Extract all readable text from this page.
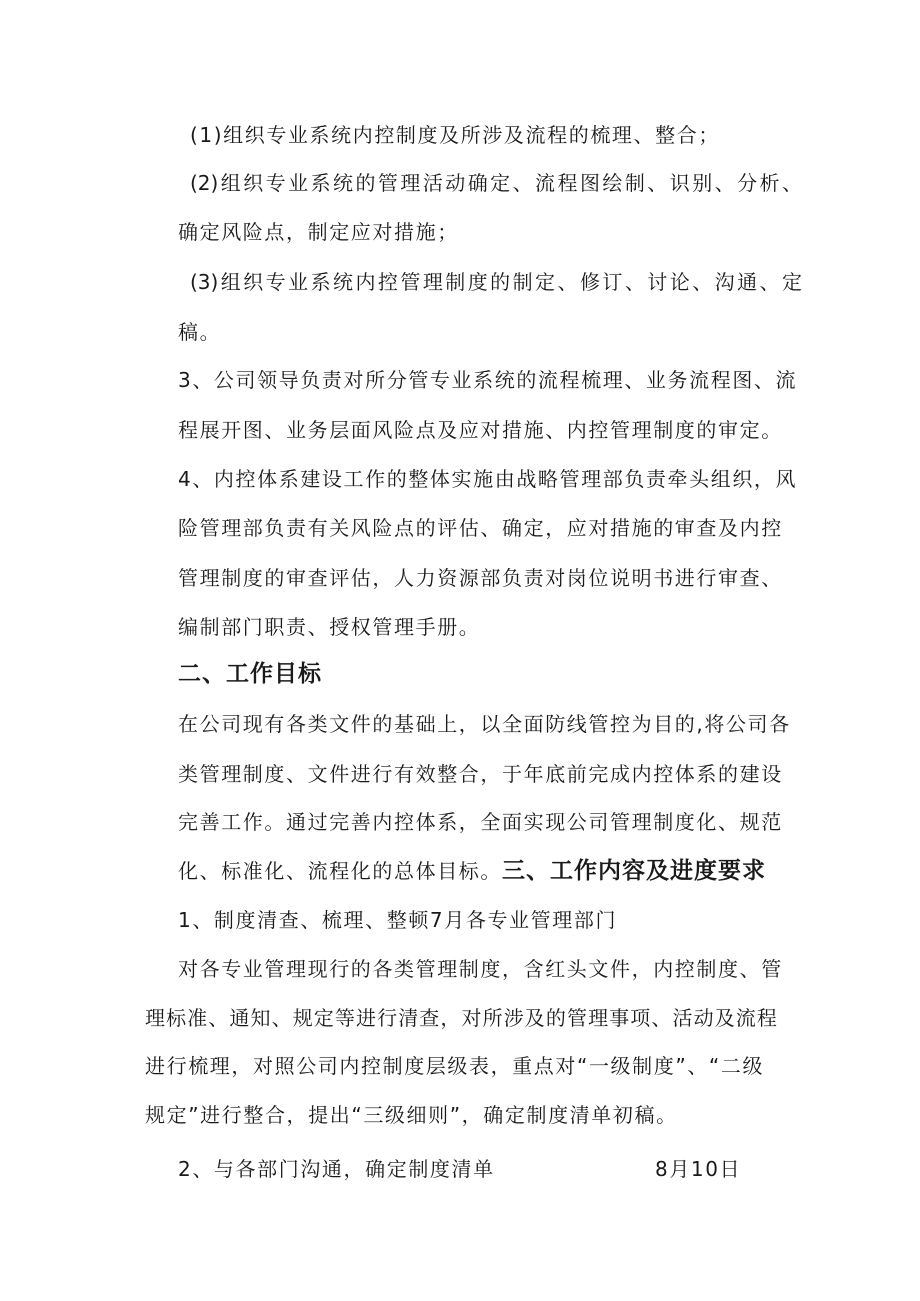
(1)组织专业系统内控制度及所涉及流程的梳理、整合；

(2)组织专业系统的管理活动确定、流程图绘制、识别、分析、

确定风险点，制定应对措施；

(3)组织专业系统内控管理制度的制定、修订、讨论、沟通、定

稿。

3、公司领导负责对所分管专业系统的流程梳理、业务流程图、流

程展开图、业务层面风险点及应对措施、内控管理制度的审定。

4、内控体系建设工作的整体实施由战略管理部负责牵头组织，风

险管理部负责有关风险点的评估、确定，应对措施的审查及内控

管理制度的审查评估，人力资源部负责对岗位说明书进行审查、

编制部门职责、授权管理手册。

二、工作目标

在公司现有各类文件的基础上，以全面防线管控为目的,将公司各

类管理制度、文件进行有效整合，于年底前完成内控体系的建设

完善工作。通过完善内控体系，全面实现公司管理制度化、规范

化、标准化、流程化的总体目标。三、工作内容及进度要求

1、制度清查、梳理、整顿7月各专业管理部门

对各专业管理现行的各类管理制度，含红头文件，内控制度、管

理标准、通知、规定等进行清查，对所涉及的管理事项、活动及流程

进行梳理，对照公司内控制度层级表，重点对“一级制度”、“二级

规定”进行整合，提出“三级细则”，确定制度清单初稿。

2、与各部门沟通，确定制度清单	8月10日
